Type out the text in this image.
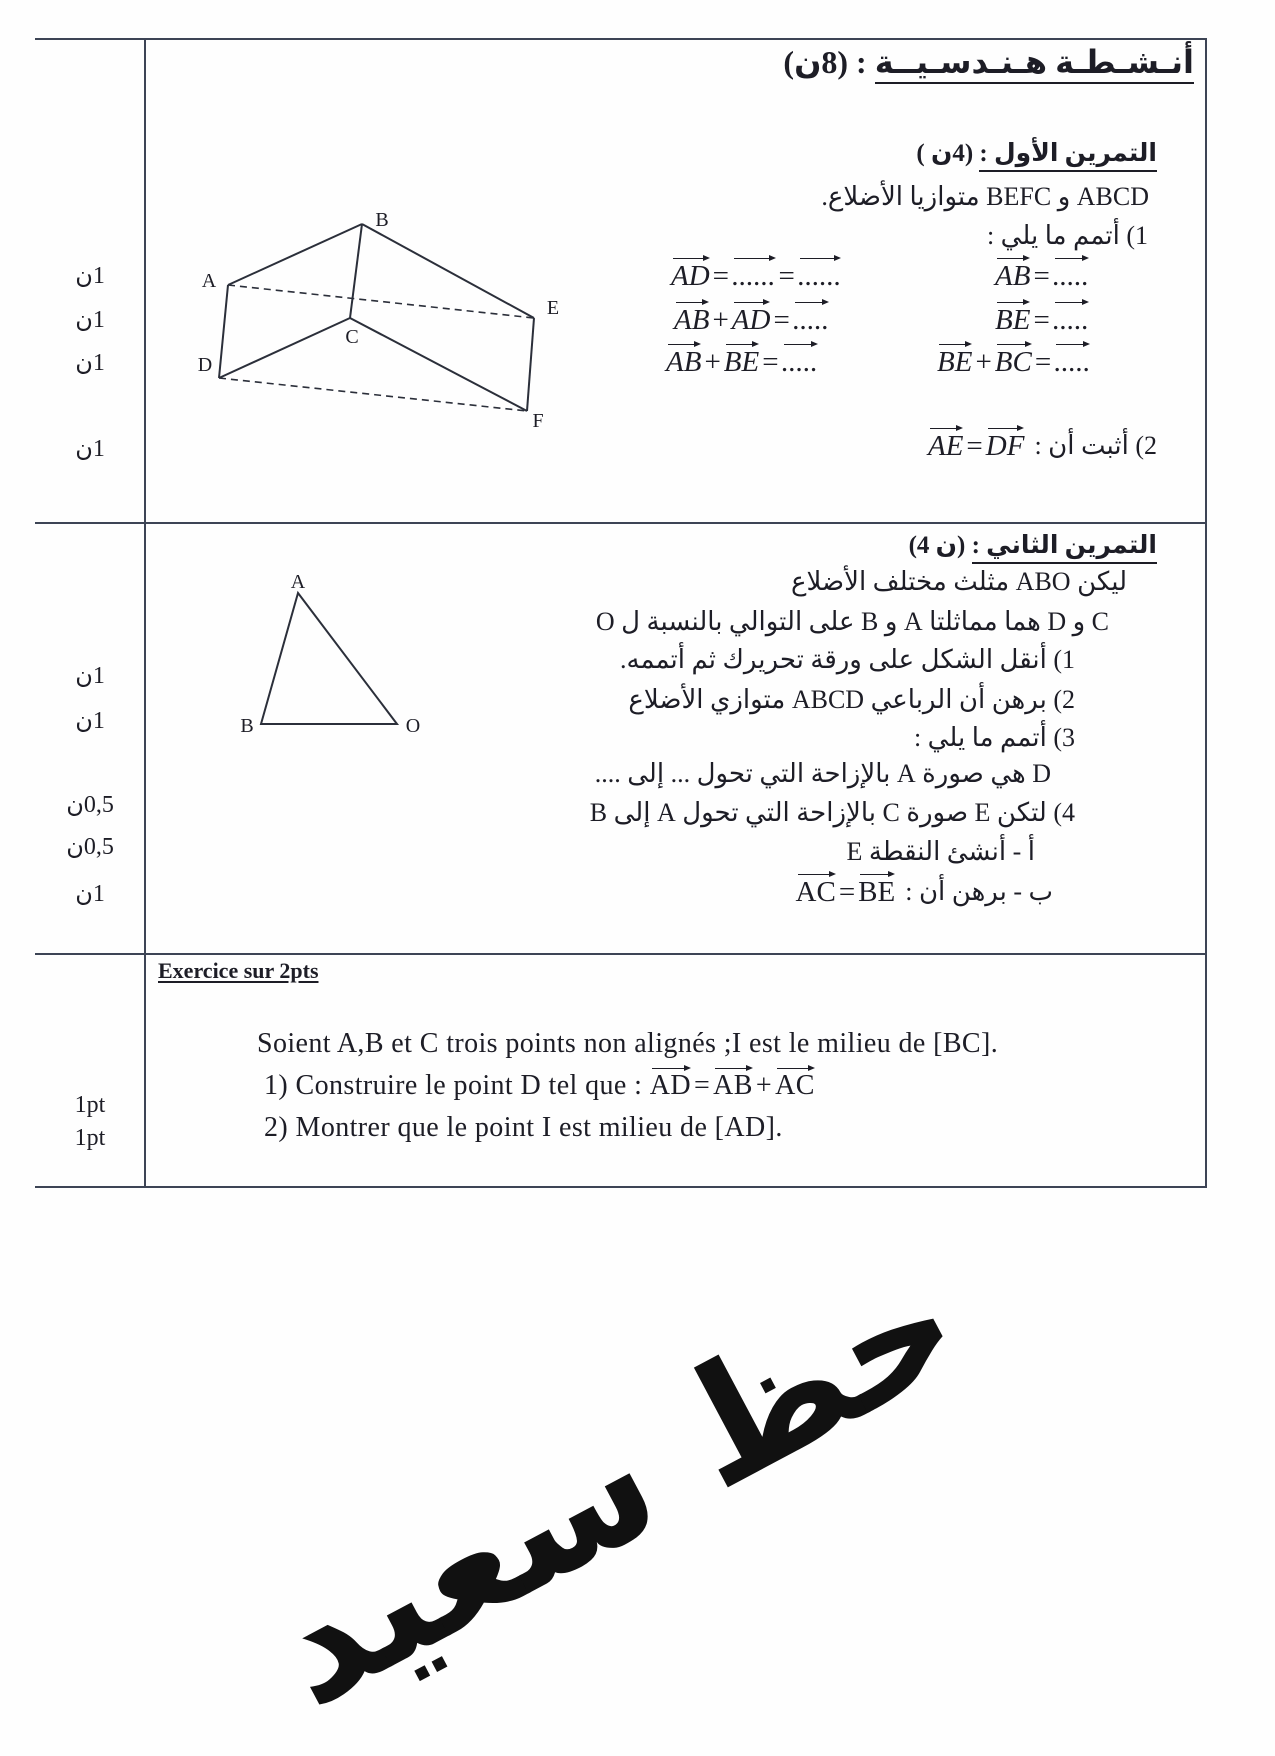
أنـشـطـة هـنـدسـيــة : (8ن)
التمرين الأول : (4ن )
ABCD و BEFC متوازيا الأضلاع.
1) أتمم ما يلي :
AD = ...... = ......
AB + AD = .....
AB + BE = .....
AB = .....
BE = .....
BE + BC = .....
2) أثبت أن :
AE = DF
1ن
1ن
1ن
1ن
التمرين الثاني : (4 ن)
ليكن ABO مثلث مختلف الأضلاع
C و D هما مماثلتا A و B على التوالي بالنسبة ل O
1) أنقل الشكل على ورقة تحريرك ثم أتممه.
2) برهن أن الرباعي ABCD متوازي الأضلاع
3) أتمم ما يلي :
D هي صورة A بالإزاحة التي تحول ... إلى ....
4) لتكن E صورة C بالإزاحة التي تحول A إلى B
أ - أنشئ النقطة E
ب - برهن أن :
AC = BE
1ن
1ن
0,5ن
0,5ن
1ن
Exercice sur 2pts
Soient A,B et C trois points non alignés ;I est le milieu de [BC].
1) Construire le point D tel que : AD = AB + AC
2) Montrer que le point I est milieu de [AD].
1pt
1pt
A
B
C
D
E
F
A
B	O
حظ سعيد
